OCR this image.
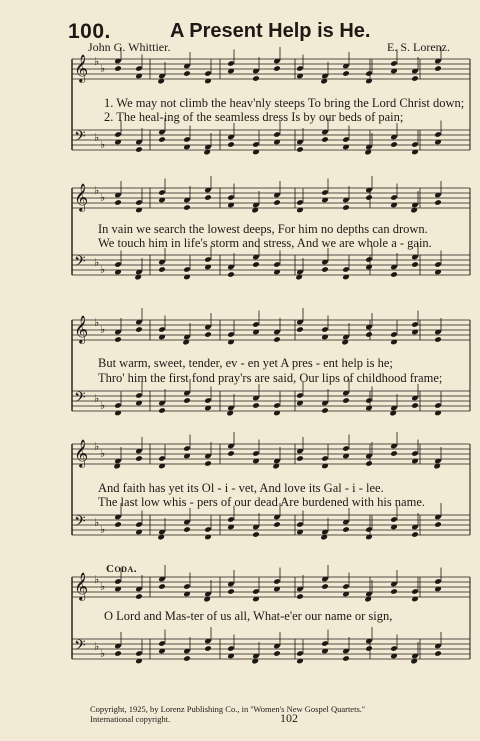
𝄞 ♭
♭
𝄢 ♭
♭
𝄞 ♭
♭
𝄢 ♭
♭
𝄞 ♭
♭
𝄢 ♭
♭
𝄞 ♭
♭
𝄢 ♭
♭
𝄞 ♭
♭
𝄢 ♭
♭
100.	A Present Help is He.
John G. Whittier.	E. S. Lorenz.
1. We may not climb the heav'nly steeps To bring the Lord Christ down;
2. The heal-ing of the seamless dress Is by our beds of pain;
In vain we search the lowest deeps, For him no depths can drown.
We touch him in life's storm and stress, And we are whole a - gain.
But warm, sweet, tender, ev - en yet A pres - ent help is he;
Thro' him the first fond pray'rs are said, Our lips of childhood frame;
And faith has yet its Ol - i - vet, And love its Gal - i - lee.
The last low whis - pers of our dead Are burdened with his name.
Coda.
O Lord and Mas-ter of us all, What-e'er our name or sign,
Copyright, 1925, by Lorenz Publishing Co., in ''Women's New Gospel Quartets.''
International copyright.	102
